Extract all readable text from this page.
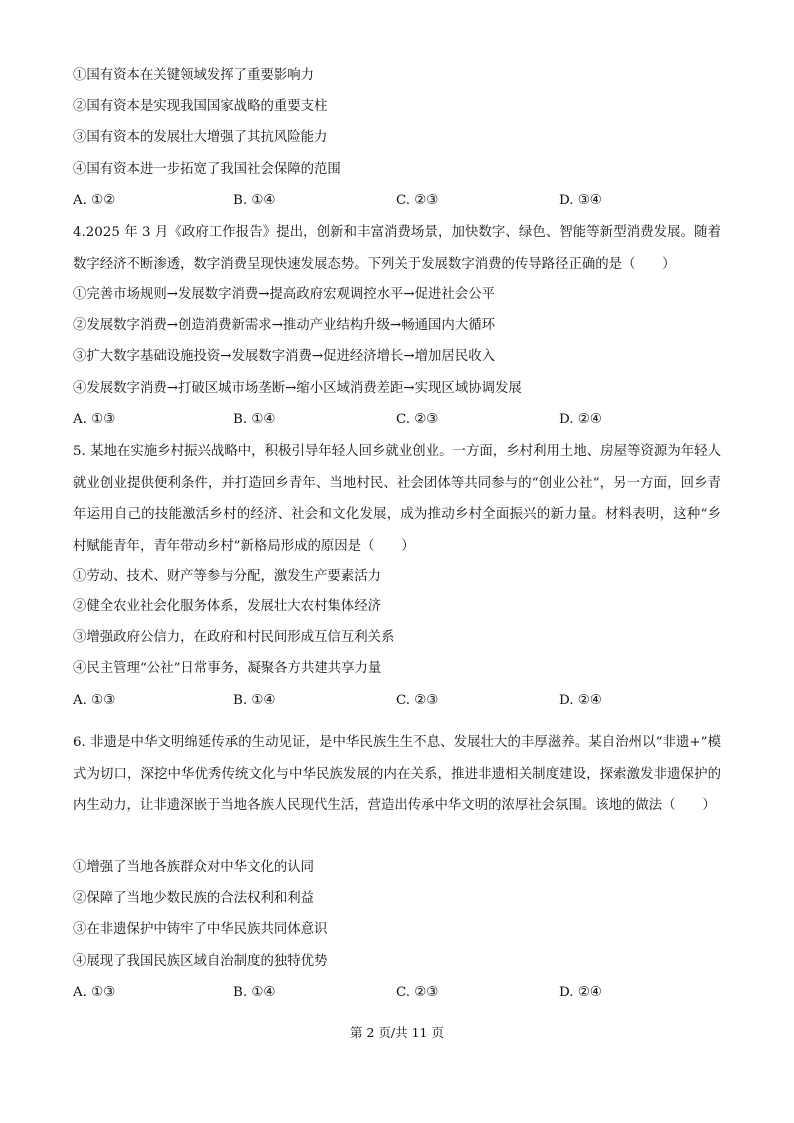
①国有资本在关键领域发挥了重要影响力
②国有资本是实现我国国家战略的重要支柱
③国有资本的发展壮大增强了其抗风险能力
④国有资本进一步拓宽了我国社会保障的范围
A. ①②	B. ①④	C. ②③	D. ③④
4.2025 年 3 月《政府工作报告》提出，创新和丰富消费场景，加快数字、绿色、智能等新型消费发展。随着数字经济不断渗透，数字消费呈现快速发展态势。下列关于发展数字消费的传导路径正确的是（　　）
①完善市场规则→发展数字消费→提高政府宏观调控水平→促进社会公平
②发展数字消费→创造消费新需求→推动产业结构升级→畅通国内大循环
③扩大数字基础设施投资→发展数字消费→促进经济增长→增加居民收入
④发展数字消费→打破区城市场垄断→缩小区域消费差距→实现区域协调发展
A. ①③	B. ①④	C. ②③	D. ②④
5. 某地在实施乡村振兴战略中，积极引导年轻人回乡就业创业。一方面，乡村利用土地、房屋等资源为年轻人就业创业提供便利条件，并打造回乡青年、当地村民、社会团体等共同参与的“创业公社”，另一方面，回乡青年运用自己的技能激活乡村的经济、社会和文化发展，成为推动乡村全面振兴的新力量。材料表明，这种“乡村赋能青年，青年带动乡村”新格局形成的原因是（　　）
①劳动、技术、财产等参与分配，激发生产要素活力
②健全农业社会化服务体系，发展壮大农村集体经济
③增强政府公信力，在政府和村民间形成互信互利关系
④民主管理“公社”日常事务，凝聚各方共建共享力量
A. ①③	B. ①④	C. ②③	D. ②④
6. 非遗是中华文明绵延传承的生动见证，是中华民族生生不息、发展壮大的丰厚滋养。某自治州以“非遗+”模式为切口，深挖中华优秀传统文化与中华民族发展的内在关系，推进非遗相关制度建设，探索激发非遗保护的内生动力，让非遗深嵌于当地各族人民现代生活，营造出传承中华文明的浓厚社会氛围。该地的做法（　　）
①增强了当地各族群众对中华文化的认同
②保障了当地少数民族的合法权利和利益
③在非遗保护中铸牢了中华民族共同体意识
④展现了我国民族区域自治制度的独特优势
A. ①③	B. ①④	C. ②③	D. ②④
第 2 页/共 11 页
